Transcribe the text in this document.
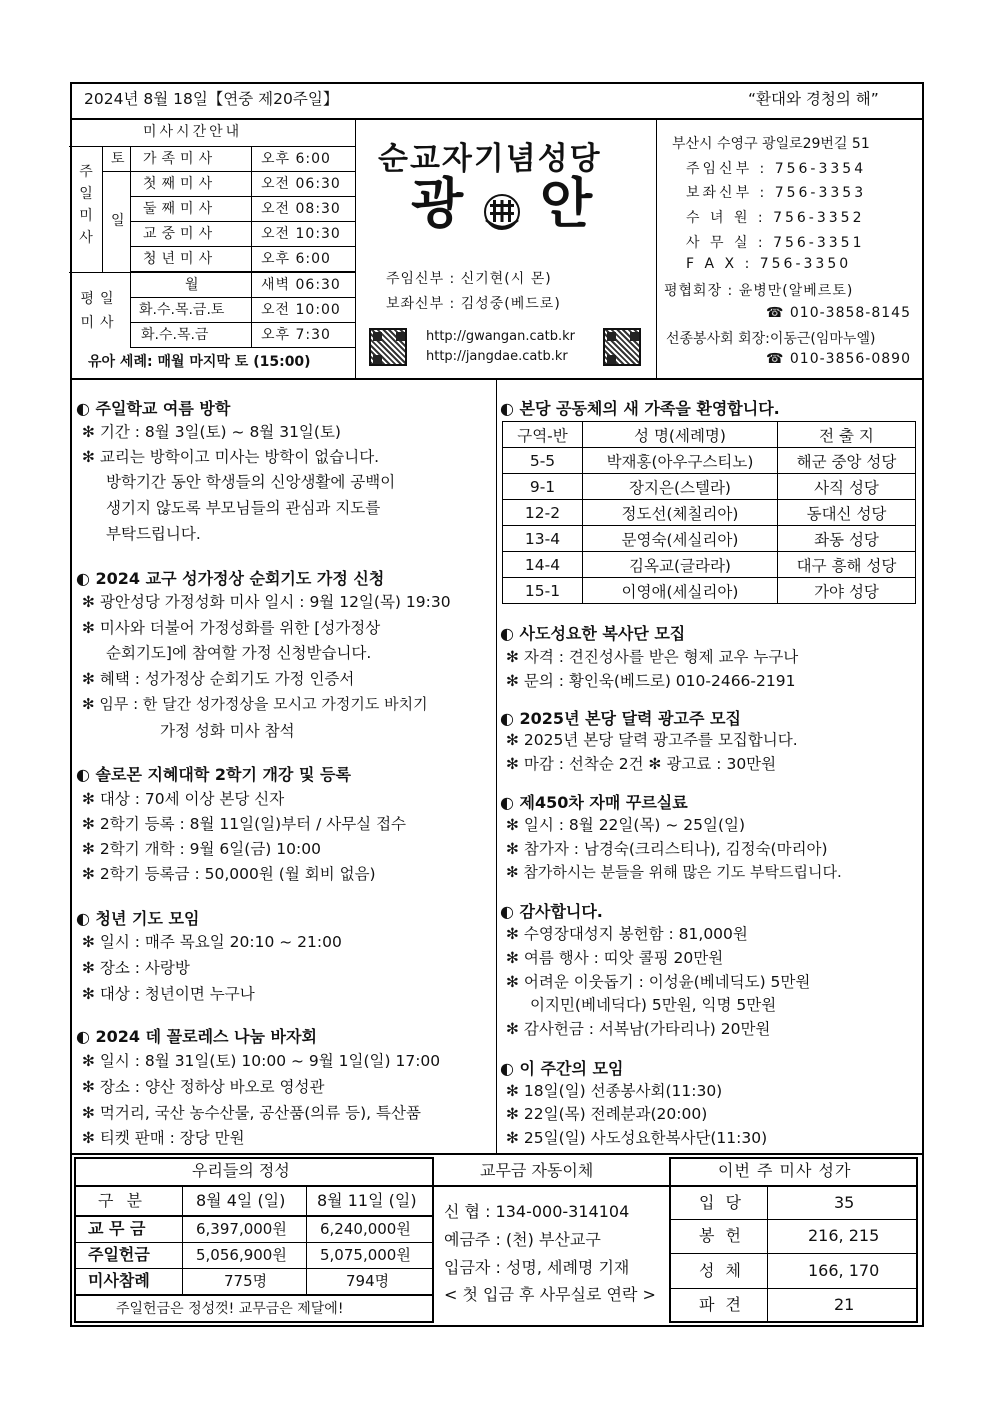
2024년 8월 18일【연중 제20주일】	“환대와 경청의 해”
미사시간안내
주일미사
토
일
가족미사	오후 6:00
첫째미사	오전 06:30
둘째미사	오전 08:30
교중미사	오전 10:30
청년미사	오후 6:00
평일미사
월	새벽 06:30
화.수.목.금.토	오전 10:00
화.수.목.금	오후 7:30
유아 세례: 매월 마지막 토 (15:00)
순교자기념성당
광 안
주임신부 : 신기현(시 몬)
보좌신부 : 김성중(베드로)
http://gwangan.catb.kr
http://jangdae.catb.kr
부산시 수영구 광일로29번길 51
주임신부 : 756-3354
보좌신부 : 756-3353
수 녀 원 : 756-3352
사 무 실 : 756-3351
F A X : 756-3350
평협회장 : 윤병만(알베르토)
☎ 010-3858-8145
선종봉사회 회장:이동근(임마누엘)
☎ 010-3856-0890
◐ 주일학교 여름 방학
✻ 기간 : 8월 3일(토) ~ 8월 31일(토)
✻ 교리는 방학이고 미사는 방학이 없습니다.
방학기간 동안 학생들의 신앙생활에 공백이
생기지 않도록 부모님들의 관심과 지도를
부탁드립니다.
◐ 2024 교구 성가정상 순회기도 가정 신청
✻ 광안성당 가정성화 미사 일시 : 9월 12일(목) 19:30
✻ 미사와 더불어 가정성화를 위한 [성가정상
순회기도]에 참여할 가정 신청받습니다.
✻ 혜택 : 성가정상 순회기도 가정 인증서
✻ 임무 : 한 달간 성가정상을 모시고 가정기도 바치기
가정 성화 미사 참석
◐ 솔로몬 지혜대학 2학기 개강 및 등록
✻ 대상 : 70세 이상 본당 신자
✻ 2학기 등록 : 8월 11일(일)부터 / 사무실 접수
✻ 2학기 개학 : 9월 6일(금) 10:00
✻ 2학기 등록금 : 50,000원 (월 회비 없음)
◐ 청년 기도 모임
✻ 일시 : 매주 목요일 20:10 ~ 21:00
✻ 장소 : 사랑방
✻ 대상 : 청년이면 누구나
◐ 2024 데 꼴로레스 나눔 바자회
✻ 일시 : 8월 31일(토) 10:00 ~ 9월 1일(일) 17:00
✻ 장소 : 양산 정하상 바오로 영성관
✻ 먹거리, 국산 농수산물, 공산품(의류 등), 특산품
✻ 티켓 판매 : 장당 만원
◐ 본당 공동체의 새 가족을 환영합니다.
구역-반	성 명(세례명)	전 출 지
5-5	박재홍(아우구스티노)	해군 중앙 성당
9-1	장지은(스텔라)	사직 성당
12-2	정도선(체칠리아)	동대신 성당
13-4	문영숙(세실리아)	좌동 성당
14-4	김옥교(글라라)	대구 흥해 성당
15-1	이영애(세실리아)	가야 성당
◐ 사도성요한 복사단 모집
✻ 자격 : 견진성사를 받은 형제 교우 누구나
✻ 문의 : 황인욱(베드로) 010-2466-2191
◐ 2025년 본당 달력 광고주 모집
✻ 2025년 본당 달력 광고주를 모집합니다.
✻ 마감 : 선착순 2건 ✻ 광고료 : 30만원
◐ 제450차 자매 꾸르실료
✻ 일시 : 8월 22일(목) ~ 25일(일)
✻ 참가자 : 남경숙(크리스티나), 김정숙(마리아)
✻ 참가하시는 분들을 위해 많은 기도 부탁드립니다.
◐ 감사합니다.
✻ 수영장대성지 봉헌함 : 81,000원
✻ 여름 행사 : 띠앗 콜핑 20만원
✻ 어려운 이웃돕기 : 이성윤(베네딕도) 5만원
이지민(베네딕다) 5만원, 익명 5만원
✻ 감사헌금 : 서복남(가타리나) 20만원
◐ 이 주간의 모임
✻ 18일(일) 선종봉사회(11:30)
✻ 22일(목) 전례분과(20:00)
✻ 25일(일) 사도성요한복사단(11:30)
우리들의 정성
구 분	8월 4일 (일) 8월 11일 (일)
교 무 금	6,397,000원 6,240,000원
주일헌금	5,056,900원 5,075,000원
미사참례	775명	794명
주일헌금은 정성껏! 교무금은 제달에!
교무금 자동이체
신 협 : 134-000-314104
예금주 : (천) 부산교구
입금자 : 성명, 세례명 기재
< 첫 입금 후 사무실로 연락 >
이번 주 미사 성가
입 당	35
봉 헌	216, 215
성 체	166, 170
파 견	21
